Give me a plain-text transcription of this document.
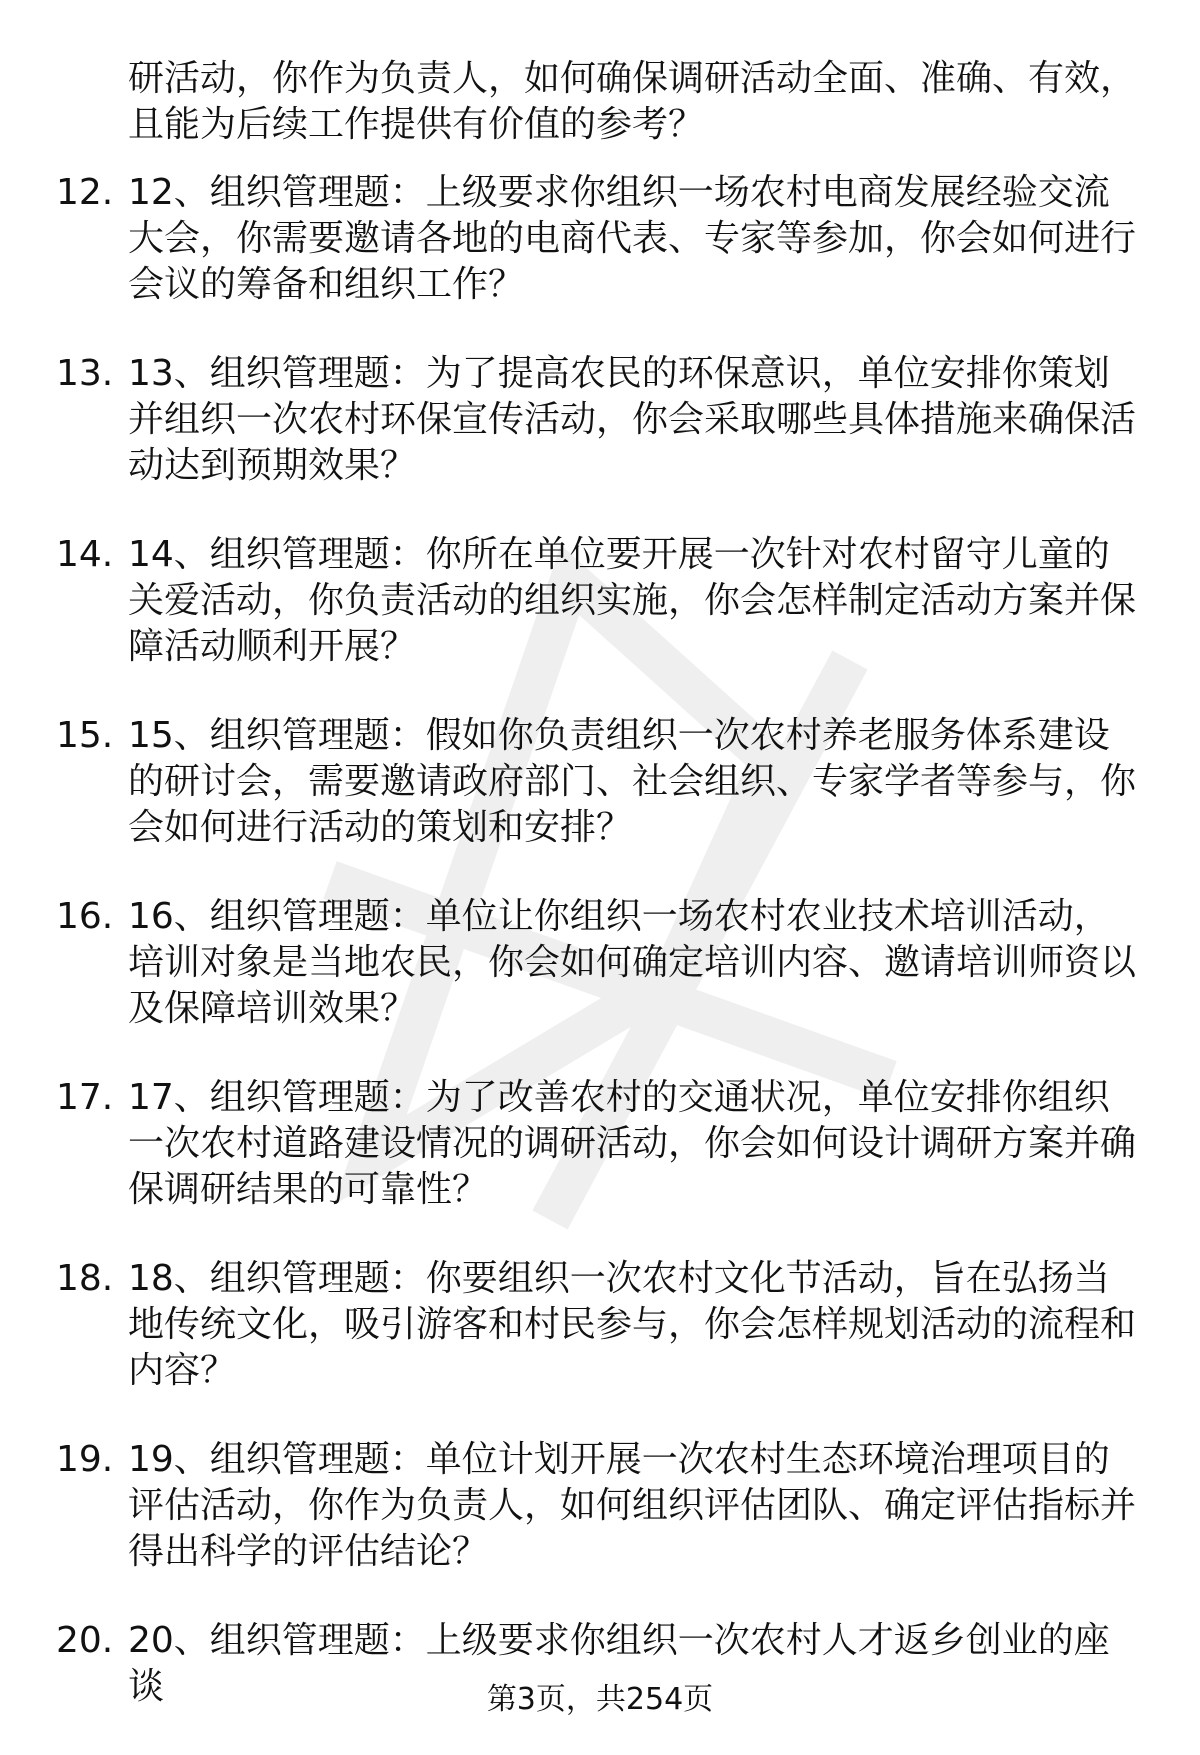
研活动，你作为负责人，如何确保调研活动全面、准确、有效，且能为后续工作提供有价值的参考？

12. 12、组织管理题：上级要求你组织一场农村电商发展经验交流大会，你需要邀请各地的电商代表、专家等参加，你会如何进行会议的筹备和组织工作？

13. 13、组织管理题：为了提高农民的环保意识，单位安排你策划并组织一次农村环保宣传活动，你会采取哪些具体措施来确保活动达到预期效果？

14. 14、组织管理题：你所在单位要开展一次针对农村留守儿童的关爱活动，你负责活动的组织实施，你会怎样制定活动方案并保障活动顺利开展？

15. 15、组织管理题：假如你负责组织一次农村养老服务体系建设的研讨会，需要邀请政府部门、社会组织、专家学者等参与，你会如何进行活动的策划和安排？

16. 16、组织管理题：单位让你组织一场农村农业技术培训活动，培训对象是当地农民，你会如何确定培训内容、邀请培训师资以及保障培训效果？

17. 17、组织管理题：为了改善农村的交通状况，单位安排你组织一次农村道路建设情况的调研活动，你会如何设计调研方案并确保调研结果的可靠性？

18. 18、组织管理题：你要组织一次农村文化节活动，旨在弘扬当地传统文化，吸引游客和村民参与，你会怎样规划活动的流程和内容？

19. 19、组织管理题：单位计划开展一次农村生态环境治理项目的评估活动，你作为负责人，如何组织评估团队、确定评估指标并得出科学的评估结论？

20. 20、组织管理题：上级要求你组织一次农村人才返乡创业的座谈	第3页，共254页
